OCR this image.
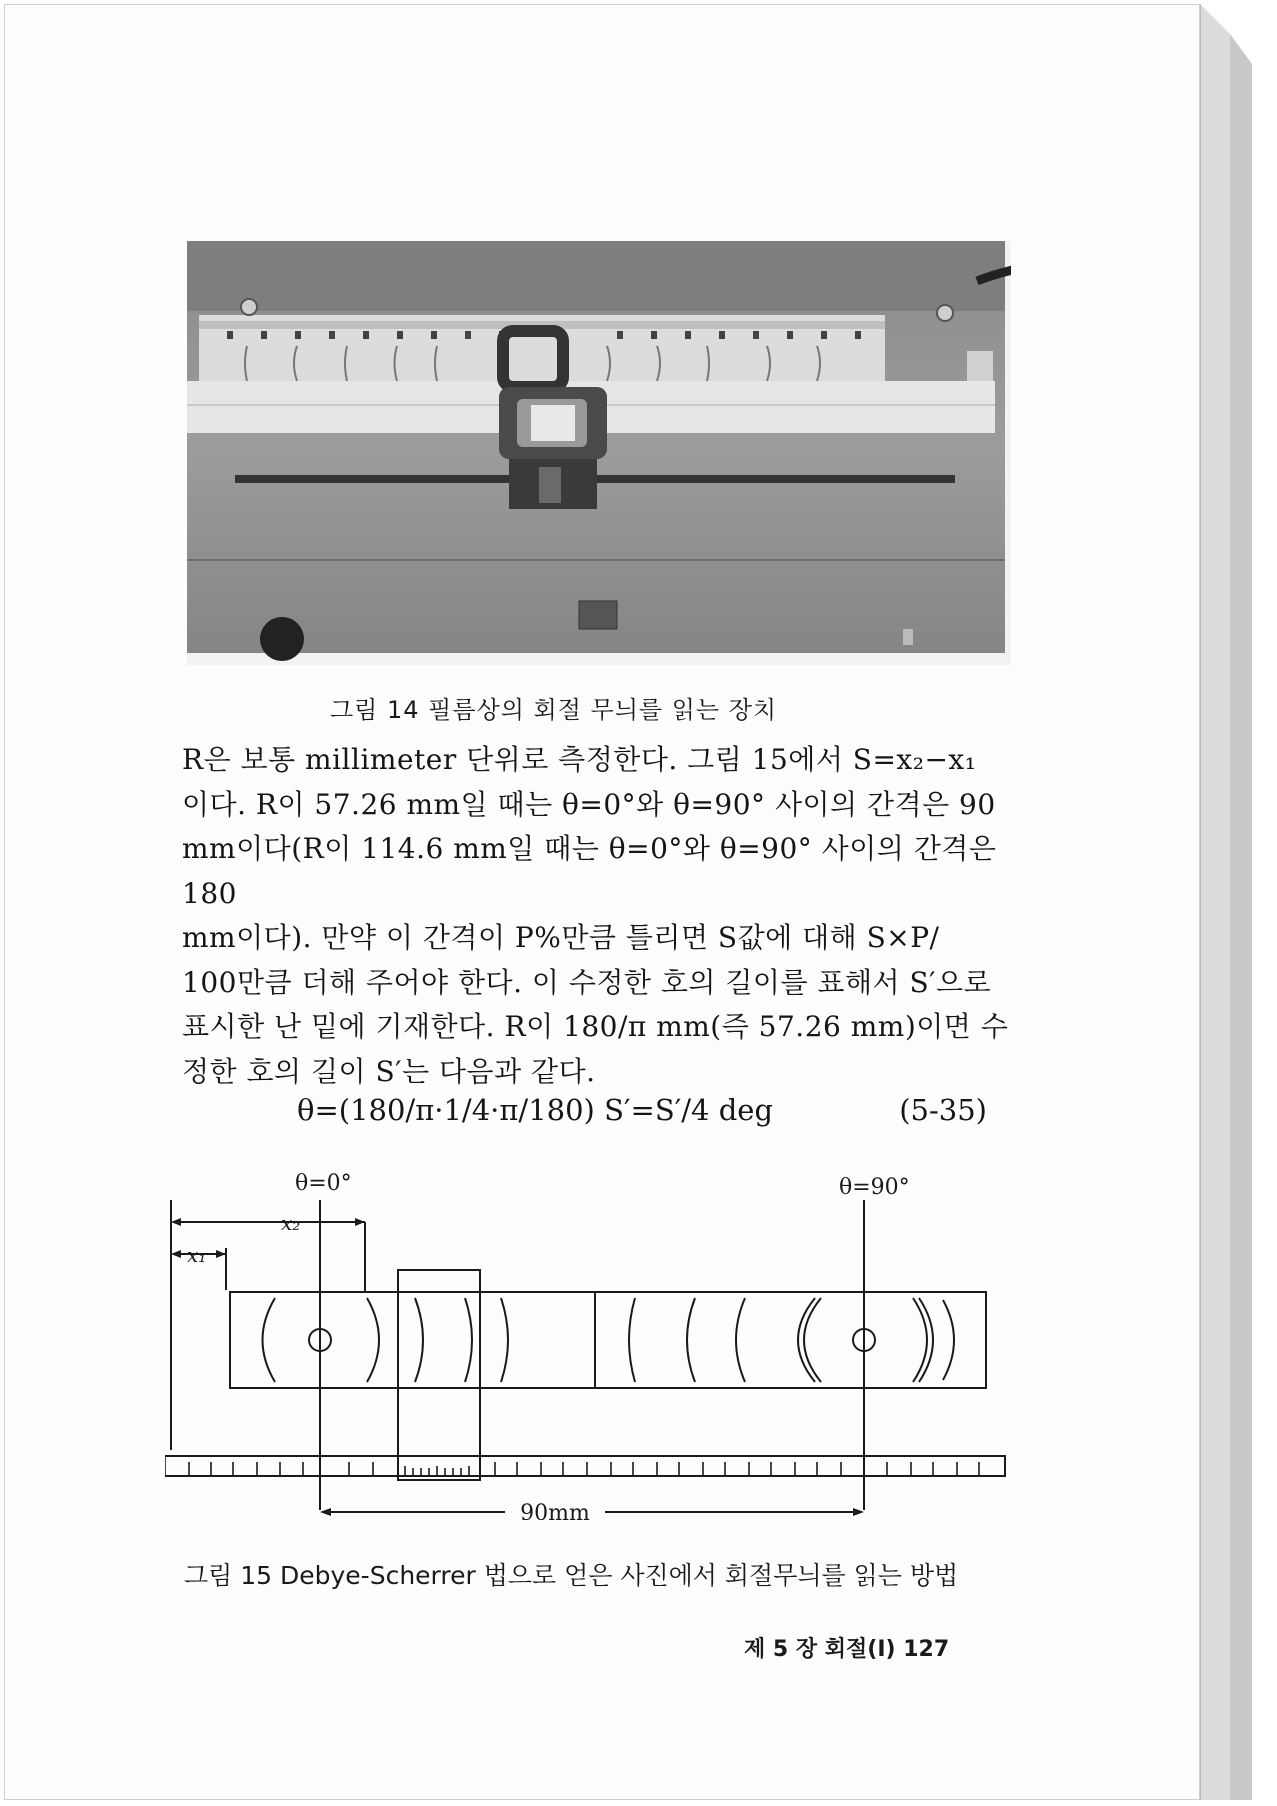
그림 14 필름상의 회절 무늬를 읽는 장치

R은 보통 millimeter 단위로 측정한다. 그림 15에서 S=x₂−x₁

이다. R이 57.26 mm일 때는 θ=0°와 θ=90° 사이의 간격은 90

mm이다(R이 114.6 mm일 때는 θ=0°와 θ=90° 사이의 간격은 180

mm이다). 만약 이 간격이 P%만큼 틀리면 S값에 대해 S×P/

100만큼 더해 주어야 한다. 이 수정한 호의 길이를 표해서 S′으로

표시한 난 밑에 기재한다. R이 180/π mm(즉 57.26 mm)이면 수

정한 호의 길이 S′는 다음과 같다.

θ=(180/π·1/4·π/180) S′=S′/4 deg	(5-35)
θ=0°	θ=90°
x₂
x₁
90mm
그림 15 Debye-Scherrer 법으로 얻은 사진에서 회절무늬를 읽는 방법
제 5 장 회절(I) 127
